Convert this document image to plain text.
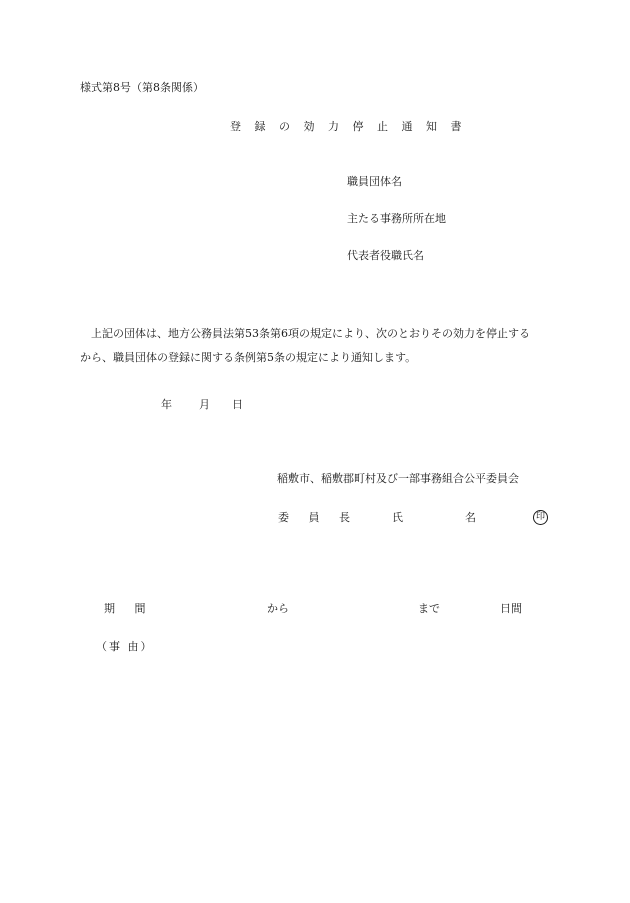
様式第8号（第8条関係）
登 録 の 効 力 停 止 通 知 書
職員団体名
主たる事務所所在地
代表者役職氏名
上記の団体は、地方公務員法第53条第6項の規定により、次のとおりその効力を停止する
から、職員団体の登録に関する条例第5条の規定により通知します。
年 月 日
稲敷市、稲敷郡町村及び一部事務組合公平委員会
委 員 長	氏	名	印
期 間	から	まで	日間
（事 由）
